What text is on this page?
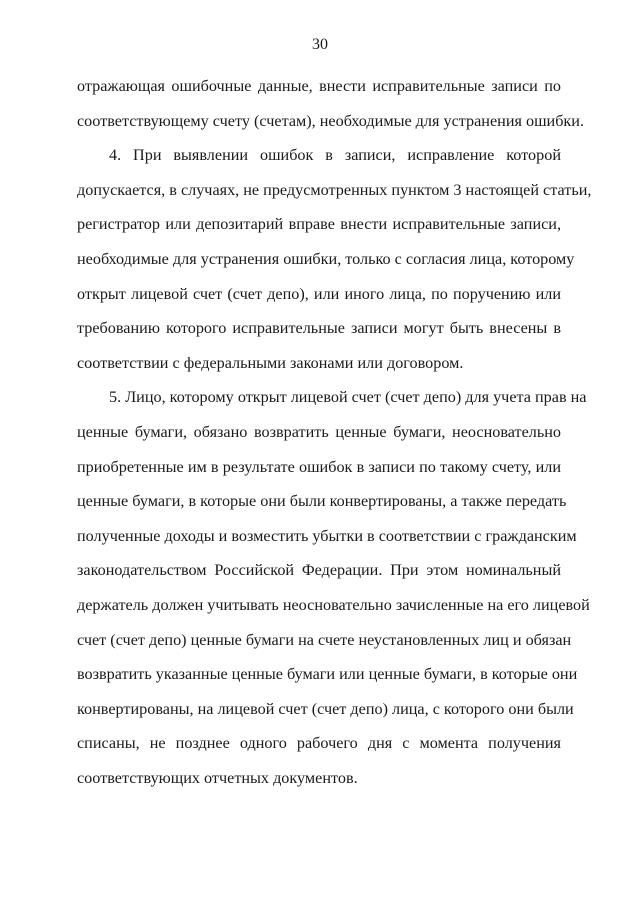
30

отражающая ошибочные данные, внести исправительные записи по
соответствующему счету (счетам), необходимые для устранения ошибки.

4. При выявлении ошибок в записи, исправление которой
допускается, в случаях, не предусмотренных пунктом 3 настоящей статьи,
регистратор или депозитарий вправе внести исправительные записи,
необходимые для устранения ошибки, только с согласия лица, которому
открыт лицевой счет (счет депо), или иного лица, по поручению или
требованию которого исправительные записи могут быть внесены в
соответствии с федеральными законами или договором.

5. Лицо, которому открыт лицевой счет (счет депо) для учета прав на
ценные бумаги, обязано возвратить ценные бумаги, неосновательно
приобретенные им в результате ошибок в записи по такому счету, или
ценные бумаги, в которые они были конвертированы, а также передать
полученные доходы и возместить убытки в соответствии с гражданским
законодательством Российской Федерации. При этом номинальный
держатель должен учитывать неосновательно зачисленные на его лицевой
счет (счет депо) ценные бумаги на счете неустановленных лиц и обязан
возвратить указанные ценные бумаги или ценные бумаги, в которые они
конвертированы, на лицевой счет (счет депо) лица, с которого они были
списаны, не позднее одного рабочего дня с момента получения
соответствующих отчетных документов.
